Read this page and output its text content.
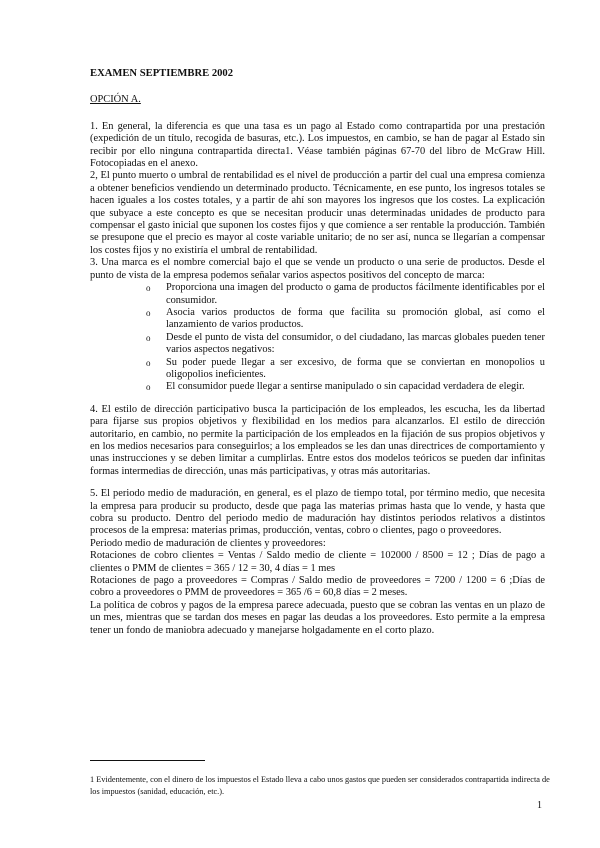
EXAMEN SEPTIEMBRE 2002

OPCIÓN A.

1. En general, la diferencia es que una tasa es un pago al Estado como contrapartida por una prestación (expedición de un título, recogida de basuras, etc.). Los impuestos, en cambio, se han de pagar al Estado sin recibir por ello ninguna contrapartida directa1. Véase también páginas 67-70 del libro de McGraw Hill. Fotocopiadas en el anexo.

2, El punto muerto o umbral de rentabilidad es el nivel de producción a partir del cual una empresa comienza a obtener beneficios vendiendo un determinado producto. Técnicamente, en ese punto, los ingresos totales se hacen iguales a los costes totales, y a partir de ahí son mayores los ingresos que los costes. La explicación que subyace a este concepto es que se necesitan producir unas determinadas unidades de producto para compensar el gasto inicial que suponen los costes fijos y que comience a ser rentable la producción. También se presupone que el precio es mayor al coste variable unitario; de no ser así, nunca se llegarían a compensar los costes fijos y no existiría el umbral de rentabilidad.

3. Una marca es el nombre comercial bajo el que se vende un producto o una serie de productos. Desde el punto de vista de la empresa podemos señalar varios aspectos positivos del concepto de marca:

o Proporciona una imagen del producto o gama de productos fácilmente identificables por el consumidor.
o Asocia varios productos de forma que facilita su promoción global, así como el lanzamiento de varios productos.
o Desde el punto de vista del consumidor, o del ciudadano, las marcas globales pueden tener varios aspectos negativos:
o Su poder puede llegar a ser excesivo, de forma que se conviertan en monopolios u oligopolios ineficientes.
o El consumidor puede llegar a sentirse manipulado o sin capacidad verdadera de elegir.

4. El estilo de dirección participativo busca la participación de los empleados, les escucha, les da libertad para fijarse sus propios objetivos y flexibilidad en los medios para alcanzarlos. El estilo de dirección autoritario, en cambio, no permite la participación de los empleados en la fijación de sus propios objetivos y en los medios necesarios para conseguirlos; a los empleados se les dan unas directrices de comportamiento y unas instrucciones y se deben limitar a cumplirlas. Entre estos dos modelos teóricos se pueden dar infinitas formas intermedias de dirección, unas más participativas, y otras más autoritarias.

5. El periodo medio de maduración, en general, es el plazo de tiempo total, por término medio, que necesita la empresa para producir su producto, desde que paga las materias primas hasta que lo vende, y hasta que cobra su producto. Dentro del periodo medio de maduración hay distintos periodos relativos a distintos procesos de la empresa: materias primas, producción, ventas, cobro o clientes, pago o proveedores.

Periodo medio de maduración de clientes y proveedores:

Rotaciones de cobro clientes = Ventas / Saldo medio de cliente = 102000 / 8500 = 12 ; Días de pago a clientes o PMM de clientes = 365 / 12 = 30, 4 días = 1 mes

Rotaciones de pago a proveedores = Compras / Saldo medio de proveedores = 7200 / 1200 = 6 ;Días de cobro a proveedores o PMM de proveedores = 365 /6 = 60,8 días = 2 meses.

La política de cobros y pagos de la empresa parece adecuada, puesto que se cobran las ventas en un plazo de un mes, mientras que se tardan dos meses en pagar las deudas a los proveedores. Esto permite a la empresa tener un fondo de maniobra adecuado y manejarse holgadamente en el corto plazo.

1 Evidentemente, con el dinero de los impuestos el Estado lleva a cabo unos gastos que pueden ser considerados contrapartida indirecta de los impuestos (sanidad, educación, etc.).

1
